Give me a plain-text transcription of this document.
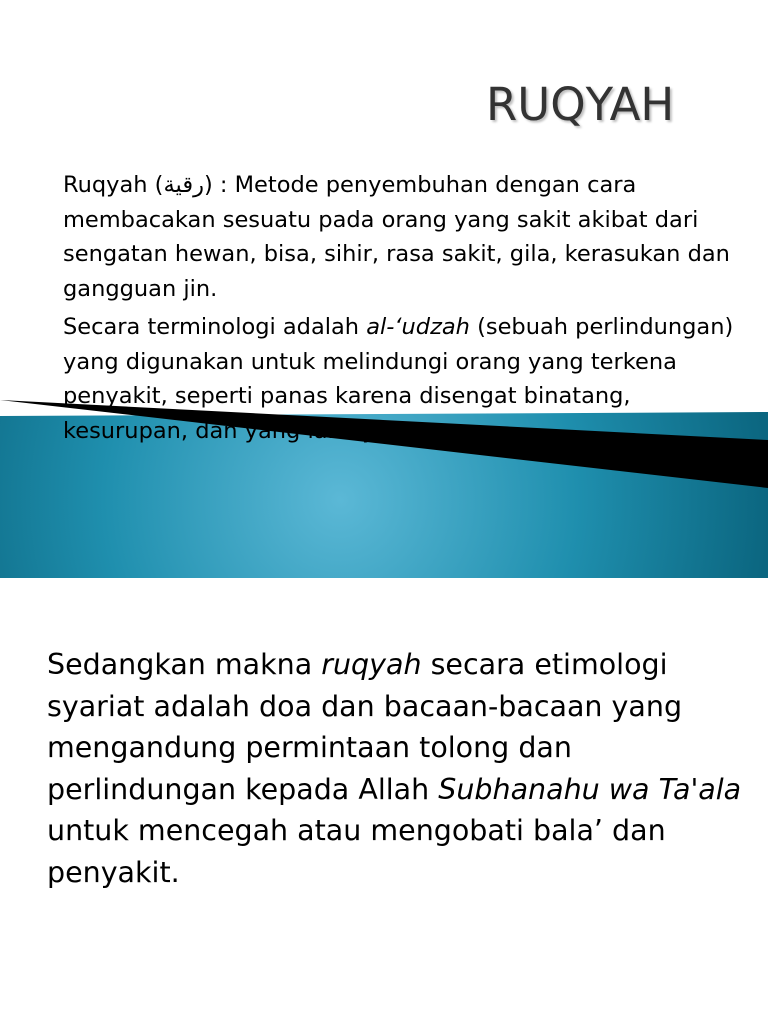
RUQYAH

Ruqyah (رقية) : Metode penyembuhan dengan cara membacakan sesuatu pada orang yang sakit akibat dari sengatan hewan, bisa, sihir, rasa sakit, gila, kerasukan dan gangguan jin.

Secara terminologi adalah al-‘udzah (sebuah perlindungan) yang digunakan untuk melindungi orang yang terkena penyakit, seperti panas karena disengat binatang, kesurupan, dan yang lainnya.

Sedangkan makna ruqyah secara etimologi syariat adalah doa dan bacaan-bacaan yang mengandung permintaan tolong dan perlindungan kepada Allah Subhanahu wa Ta'ala untuk mencegah atau mengobati bala’ dan penyakit.
